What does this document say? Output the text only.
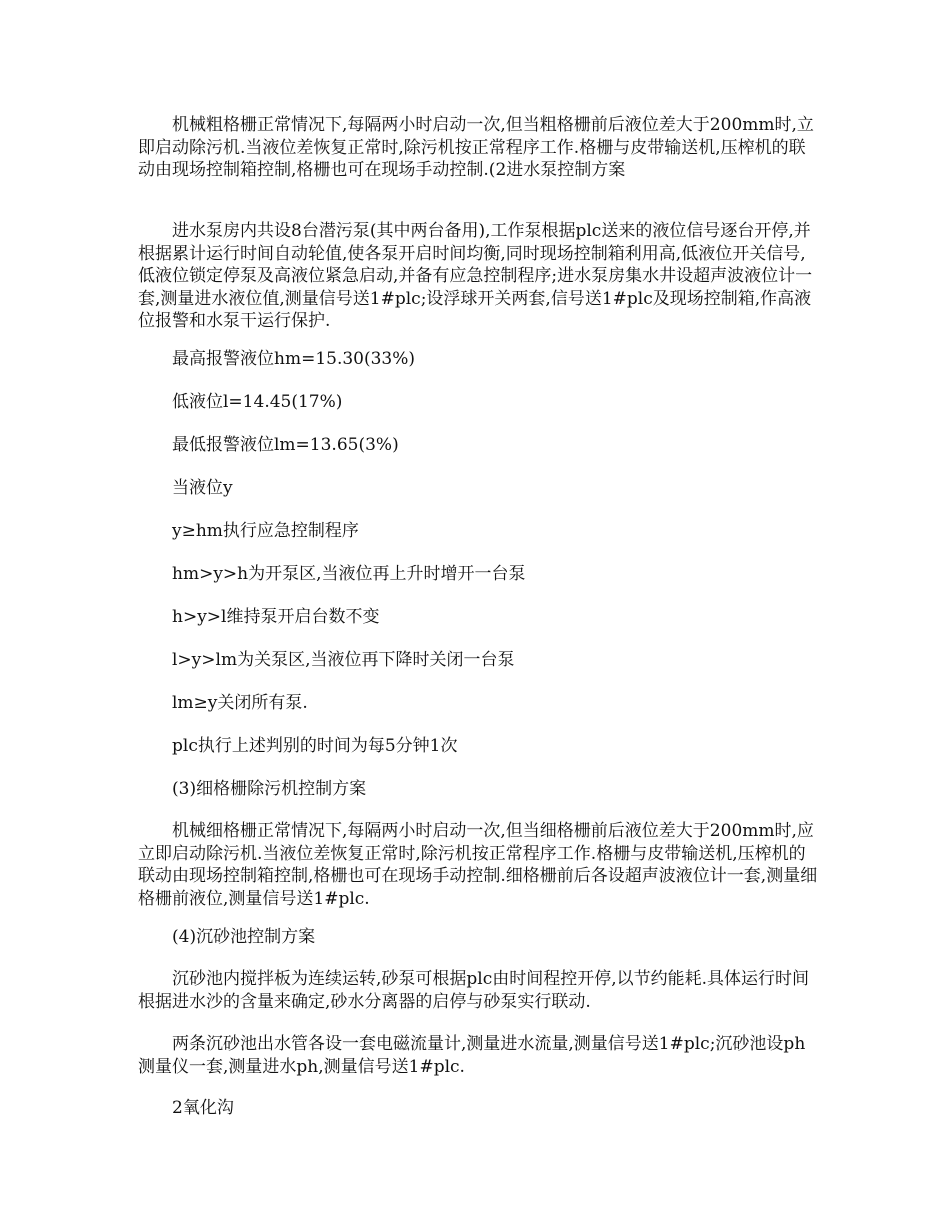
机械粗格栅正常情况下,每隔两小时启动一次,但当粗格栅前后液位差大于200mm时,立即启动除污机.当液位差恢复正常时,除污机按正常程序工作.格栅与皮带输送机,压榨机的联动由现场控制箱控制,格栅也可在现场手动控制.(2进水泵控制方案

进水泵房内共设8台潜污泵(其中两台备用),工作泵根据plc送来的液位信号逐台开停,并根据累计运行时间自动轮值,使各泵开启时间均衡,同时现场控制箱利用高,低液位开关信号,低液位锁定停泵及高液位紧急启动,并备有应急控制程序;进水泵房集水井设超声波液位计一套,测量进水液位值,测量信号送1#plc;设浮球开关两套,信号送1#plc及现场控制箱,作高液位报警和水泵干运行保护.

最高报警液位hm=15.30(33%)

低液位l=14.45(17%)

最低报警液位lm=13.65(3%)

当液位y

y≥hm执行应急控制程序

hm>y>h为开泵区,当液位再上升时增开一台泵

h>y>l维持泵开启台数不变

l>y>lm为关泵区,当液位再下降时关闭一台泵

lm≥y关闭所有泵.

plc执行上述判别的时间为每5分钟1次

(3)细格栅除污机控制方案

机械细格栅正常情况下,每隔两小时启动一次,但当细格栅前后液位差大于200mm时,应立即启动除污机.当液位差恢复正常时,除污机按正常程序工作.格栅与皮带输送机,压榨机的联动由现场控制箱控制,格栅也可在现场手动控制.细格栅前后各设超声波液位计一套,测量细格栅前液位,测量信号送1#plc.

(4)沉砂池控制方案

沉砂池内搅拌板为连续运转,砂泵可根据plc由时间程控开停,以节约能耗.具体运行时间根据进水沙的含量来确定,砂水分离器的启停与砂泵实行联动.

两条沉砂池出水管各设一套电磁流量计,测量进水流量,测量信号送1#plc;沉砂池设ph测量仪一套,测量进水ph,测量信号送1#plc.

2氧化沟
